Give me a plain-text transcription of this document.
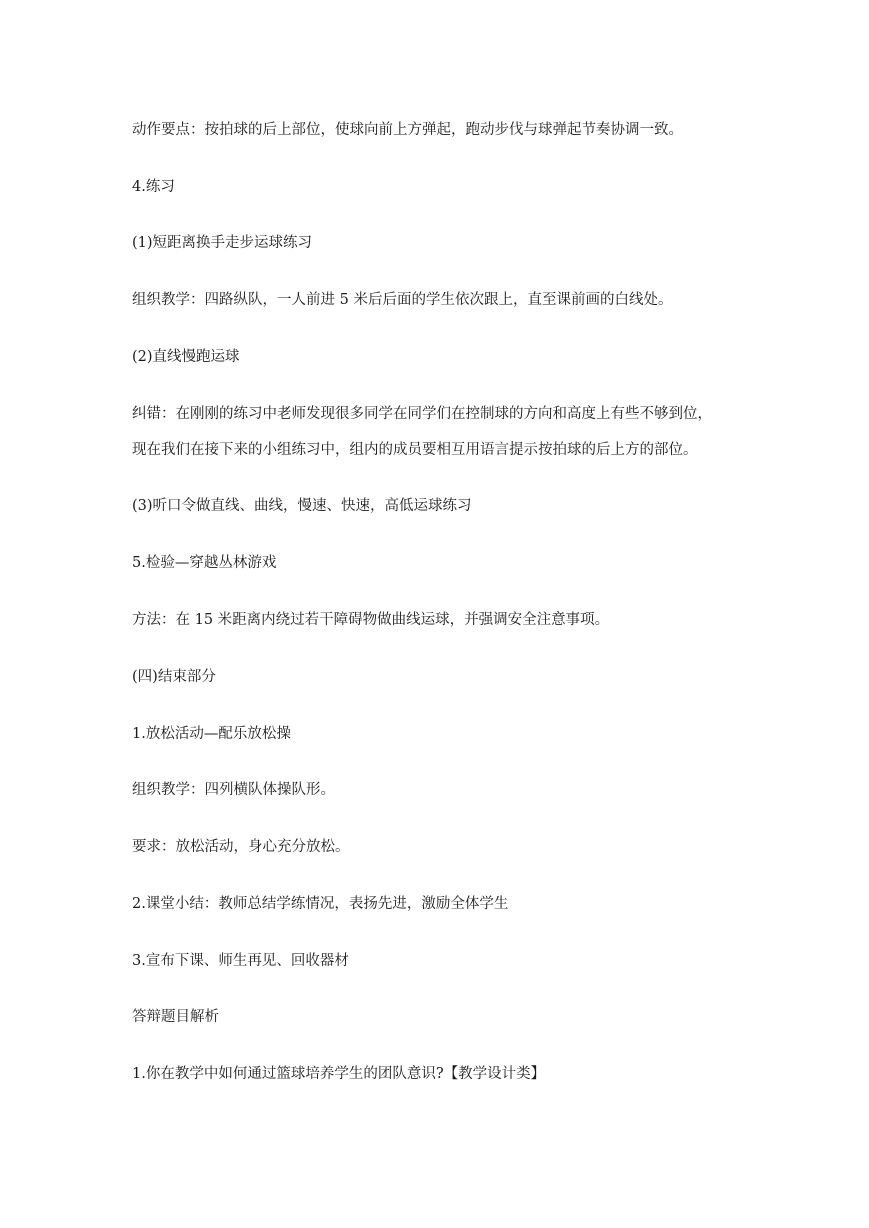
动作要点：按拍球的后上部位，使球向前上方弹起，跑动步伐与球弹起节奏协调一致。
4.练习
(1)短距离换手走步运球练习
组织教学：四路纵队，一人前进 5 米后后面的学生依次跟上，直至课前画的白线处。
(2)直线慢跑运球
纠错：在刚刚的练习中老师发现很多同学在同学们在控制球的方向和高度上有些不够到位，
现在我们在接下来的小组练习中，组内的成员要相互用语言提示按拍球的后上方的部位。
(3)听口令做直线、曲线，慢速、快速，高低运球练习
5.检验—穿越丛林游戏
方法：在 15 米距离内绕过若干障碍物做曲线运球，并强调安全注意事项。
(四)结束部分
1.放松活动—配乐放松操
组织教学：四列横队体操队形。
要求：放松活动，身心充分放松。
2.课堂小结：教师总结学练情况，表扬先进，激励全体学生
3.宣布下课、师生再见、回收器材
答辩题目解析
1.你在教学中如何通过篮球培养学生的团队意识?【教学设计类】
